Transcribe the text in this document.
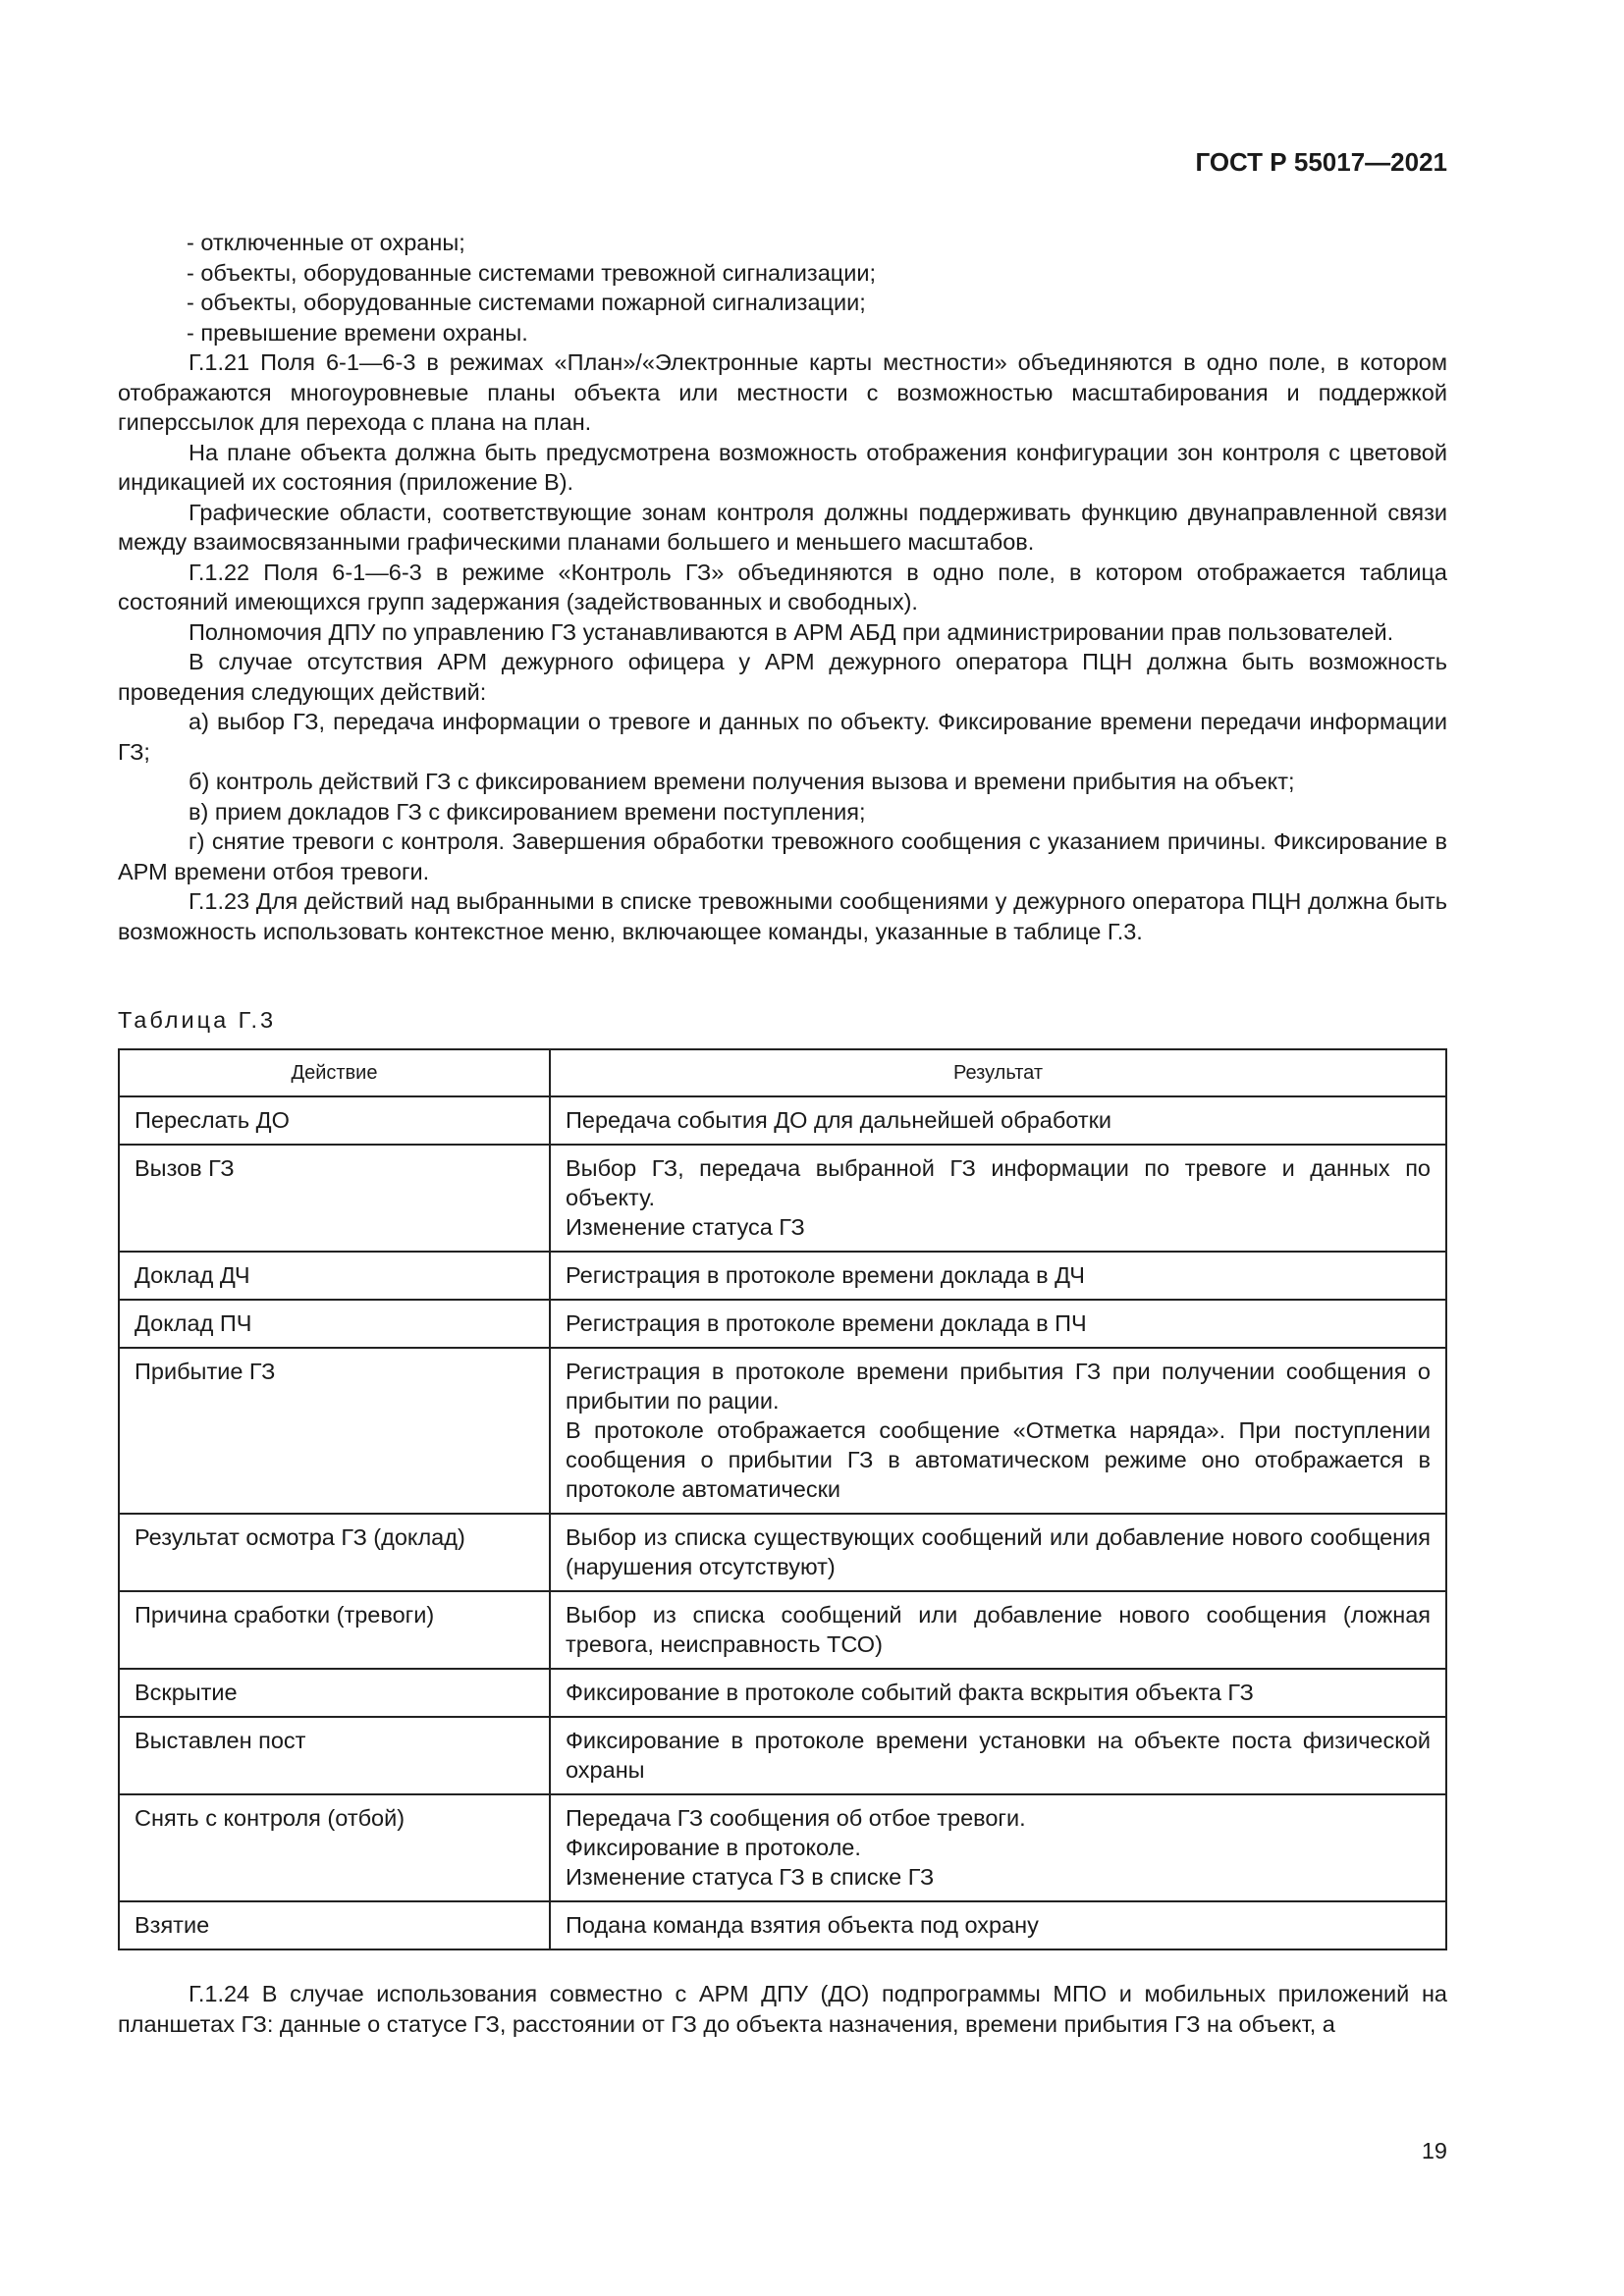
ГОСТ Р 55017—2021

- отключенные от охраны;

- объекты, оборудованные системами тревожной сигнализации;

- объекты, оборудованные системами пожарной сигнализации;

- превышение времени охраны.

Г.1.21 Поля 6-1—6-3 в режимах «План»/«Электронные карты местности» объединяются в одно поле, в котором отображаются многоуровневые планы объекта или местности с возможностью масштабирования и поддержкой гиперссылок для перехода с плана на план.

На плане объекта должна быть предусмотрена возможность отображения конфигурации зон контроля с цветовой индикацией их состояния (приложение В).

Графические области, соответствующие зонам контроля должны поддерживать функцию двунаправленной связи между взаимосвязанными графическими планами большего и меньшего масштабов.

Г.1.22 Поля 6-1—6-3 в режиме «Контроль ГЗ» объединяются в одно поле, в котором отображается таблица состояний имеющихся групп задержания (задействованных и свободных).

Полномочия ДПУ по управлению ГЗ устанавливаются в АРМ АБД при администрировании прав пользователей.

В случае отсутствия АРМ дежурного офицера у АРМ дежурного оператора ПЦН должна быть возможность проведения следующих действий:

а) выбор ГЗ, передача информации о тревоге и данных по объекту. Фиксирование времени передачи информации ГЗ;

б) контроль действий ГЗ с фиксированием времени получения вызова и времени прибытия на объект;

в) прием докладов ГЗ с фиксированием времени поступления;

г) снятие тревоги с контроля. Завершения обработки тревожного сообщения с указанием причины. Фиксирование в АРМ времени отбоя тревоги.

Г.1.23 Для действий над выбранными в списке тревожными сообщениями у дежурного оператора ПЦН должна быть возможность использовать контекстное меню, включающее команды, указанные в таблице Г.3.

Таблица Г.3
Действие	Результат
Переслать ДО	Передача события ДО для дальнейшей обработки

Вызов ГЗ	Выбор ГЗ, передача выбранной ГЗ информации по тревоге и данных по объекту.
Изменение статуса ГЗ

Доклад ДЧ	Регистрация в протоколе времени доклада в ДЧ

Доклад ПЧ	Регистрация в протоколе времени доклада в ПЧ

Прибытие ГЗ	Регистрация в протоколе времени прибытия ГЗ при получении сообщения о прибытии по рации.
В протоколе отображается сообщение «Отметка наряда». При поступлении сообщения о прибытии ГЗ в автоматическом режиме оно отображается в протоколе автоматически

Результат осмотра ГЗ (доклад)	Выбор из списка существующих сообщений или добавление нового сообщения (нарушения отсутствуют)

Причина сработки (тревоги)	Выбор из списка сообщений или добавление нового сообщения (ложная тревога, неисправность ТСО)

Вскрытие	Фиксирование в протоколе событий факта вскрытия объекта ГЗ

Выставлен пост	Фиксирование в протоколе времени установки на объекте поста физической охраны

Снять с контроля (отбой)	Передача ГЗ сообщения об отбое тревоги.
Фиксирование в протоколе.
Изменение статуса ГЗ в списке ГЗ

Взятие	Подана команда взятия объекта под охрану

Г.1.24 В случае использования совместно с АРМ ДПУ (ДО) подпрограммы МПО и мобильных приложений на планшетах ГЗ: данные о статусе ГЗ, расстоянии от ГЗ до объекта назначения, времени прибытия ГЗ на объект, а

19
